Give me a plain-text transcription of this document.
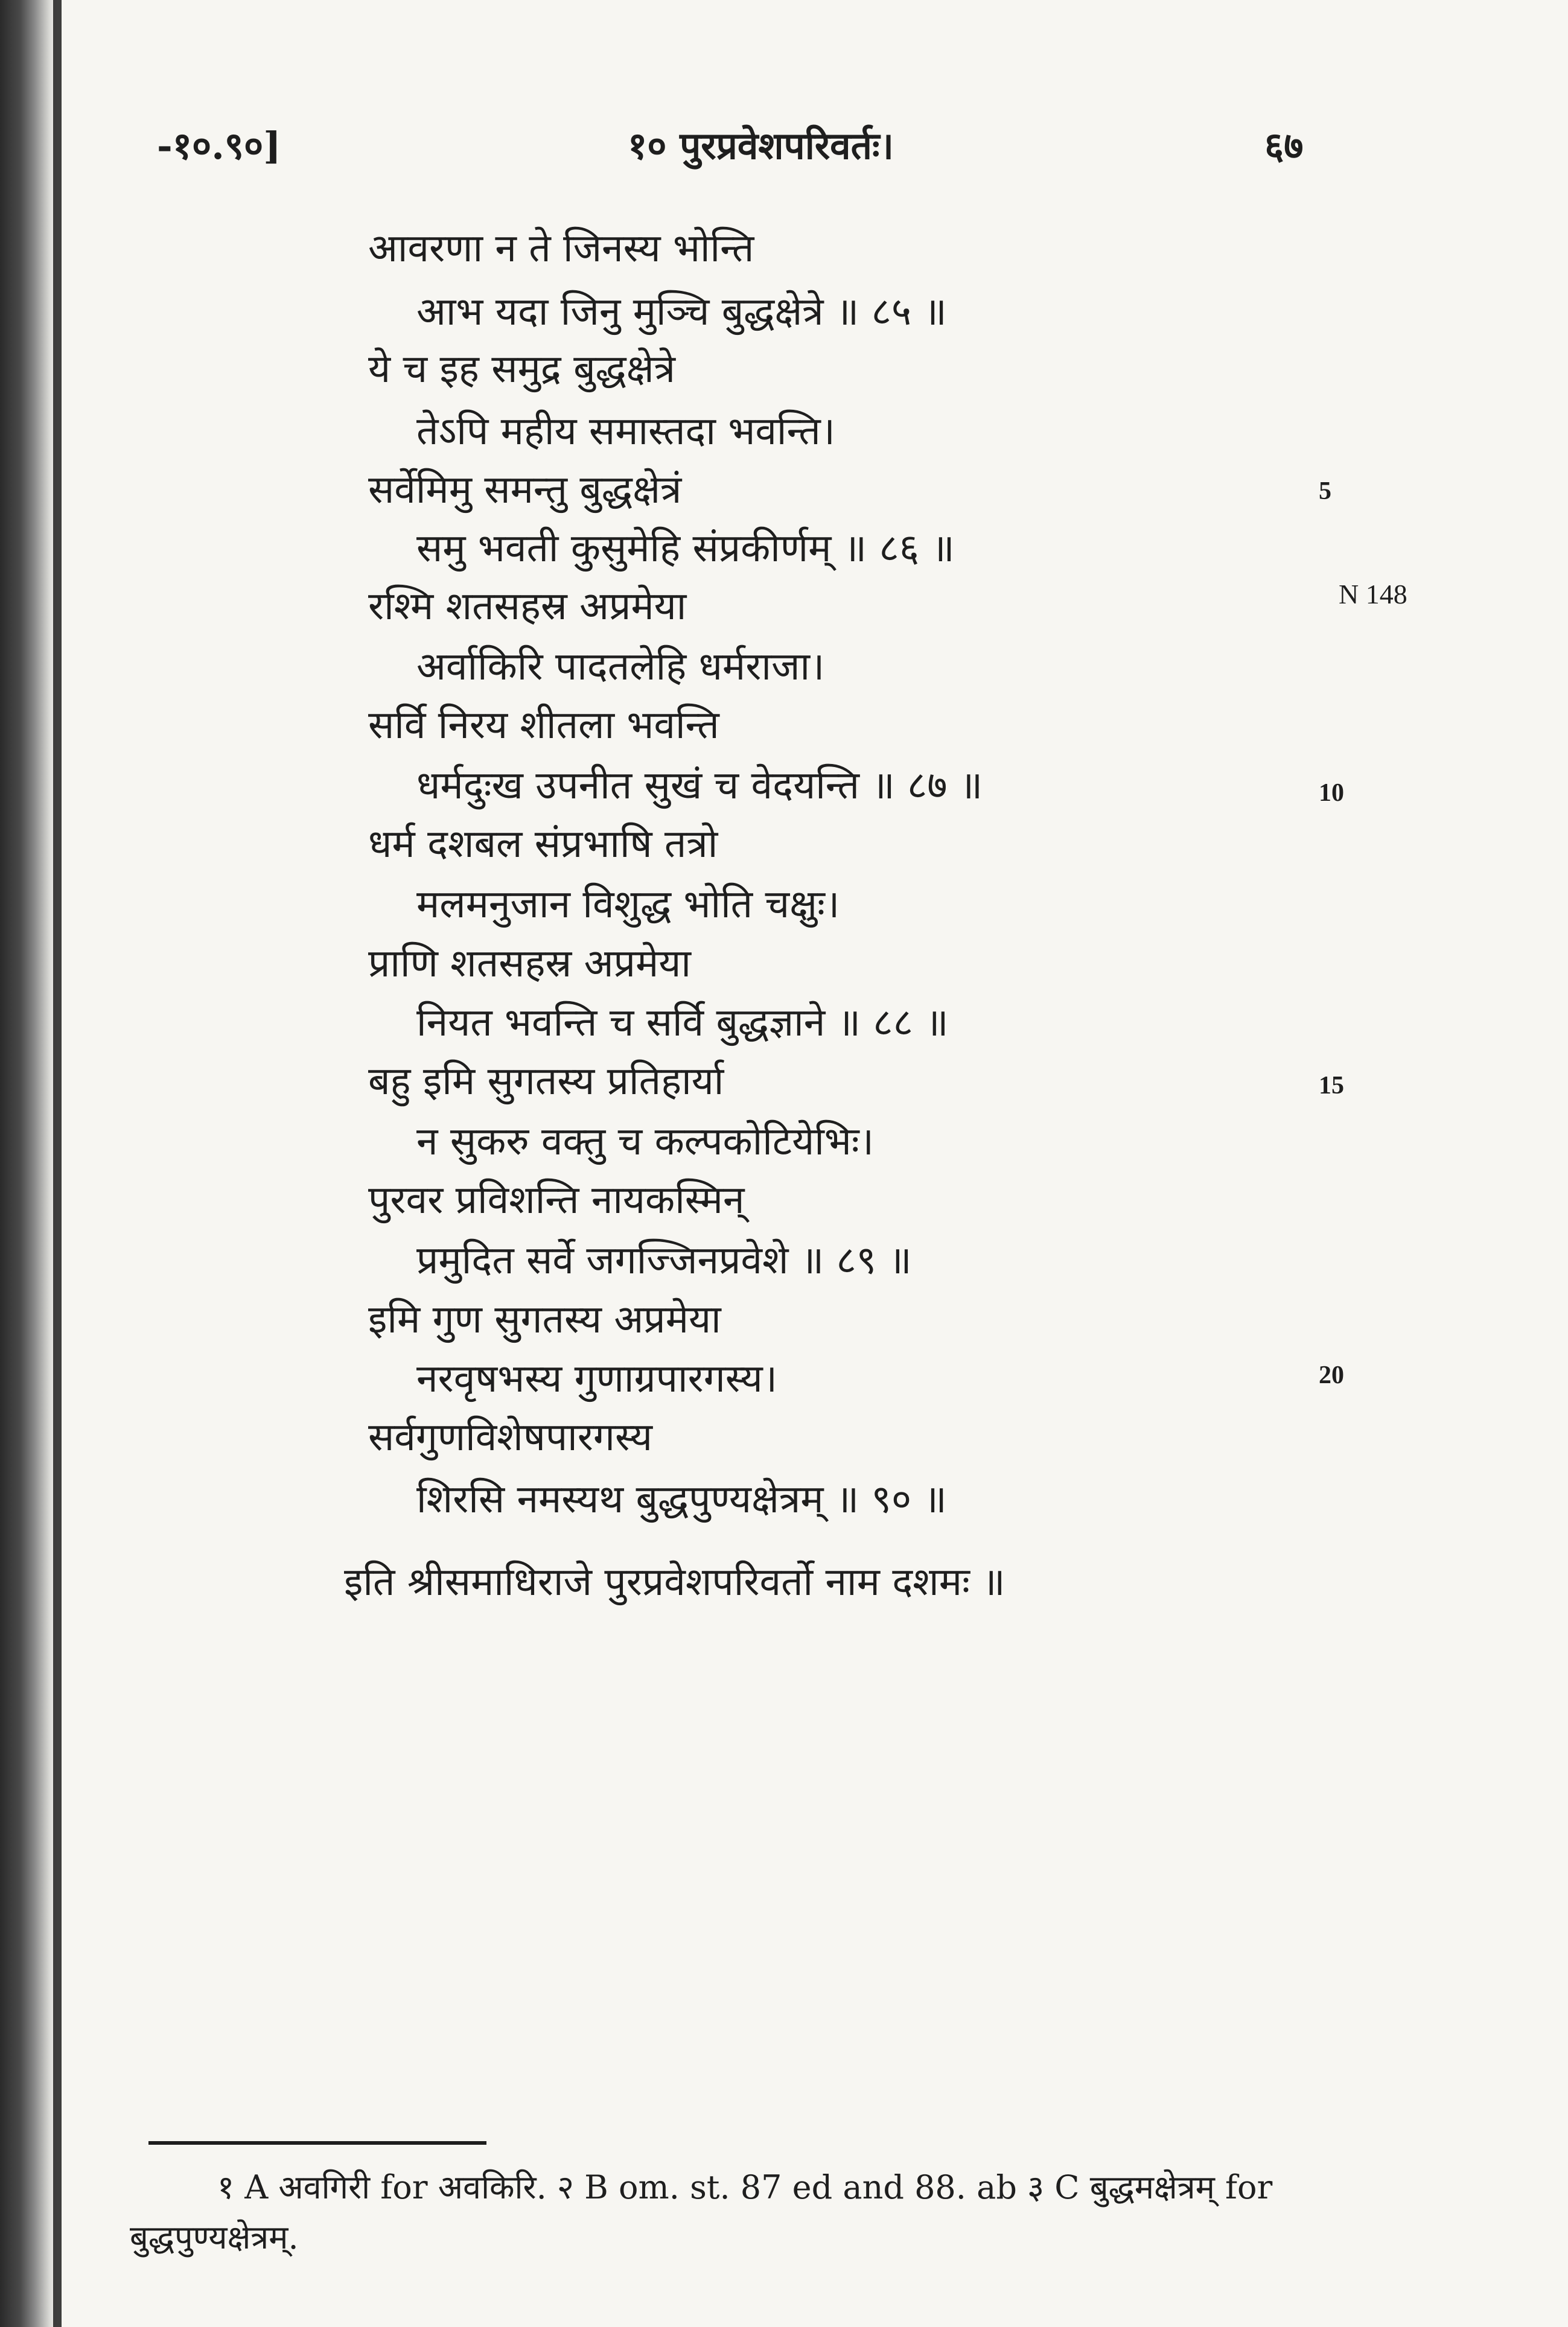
-१०.९०]	१० पुरप्रवेशपरिवर्तः।	६७
आवरणा न ते जिनस्य भोन्ति
आभ यदा जिनु मुञ्चि बुद्धक्षेत्रे ॥ ८५ ॥
ये च इह समुद्र बुद्धक्षेत्रे
तेऽपि महीय समास्तदा भवन्ति।
सर्वेमिमु समन्तु बुद्धक्षेत्रं
समु भवती कुसुमेहि संप्रकीर्णम् ॥ ८६ ॥
रश्मि शतसहस्र अप्रमेया
अर्वाकिरि पादतलेहि धर्मराजा।
सर्वि निरय शीतला भवन्ति
धर्मदुःख उपनीत सुखं च वेदयन्ति ॥ ८७ ॥
धर्म दशबल संप्रभाषि तत्रो
मलमनुजान विशुद्ध भोति चक्षुः।
प्राणि शतसहस्र अप्रमेया
नियत भवन्ति च सर्वि बुद्धज्ञाने ॥ ८८ ॥
बहु इमि सुगतस्य प्रतिहार्या
न सुकरु वक्तु च कल्पकोटियेभिः।
पुरवर प्रविशन्ति नायकस्मिन्
प्रमुदित सर्वे जगज्जिनप्रवेशे ॥ ८९ ॥
इमि गुण सुगतस्य अप्रमेया
नरवृषभस्य गुणाग्रपारगस्य।
सर्वगुणविशेषपारगस्य
शिरसि नमस्यथ बुद्धपुण्यक्षेत्रम् ॥ ९० ॥
5
N 148
10
15
20
इति श्रीसमाधिराजे पुरप्रवेशपरिवर्तो नाम दशमः ॥
१ A अवगिरी for अवकिरि. २ B om. st. 87 ed and 88. ab ३ C बुद्धमक्षेत्रम् for
बुद्धपुण्यक्षेत्रम्.
